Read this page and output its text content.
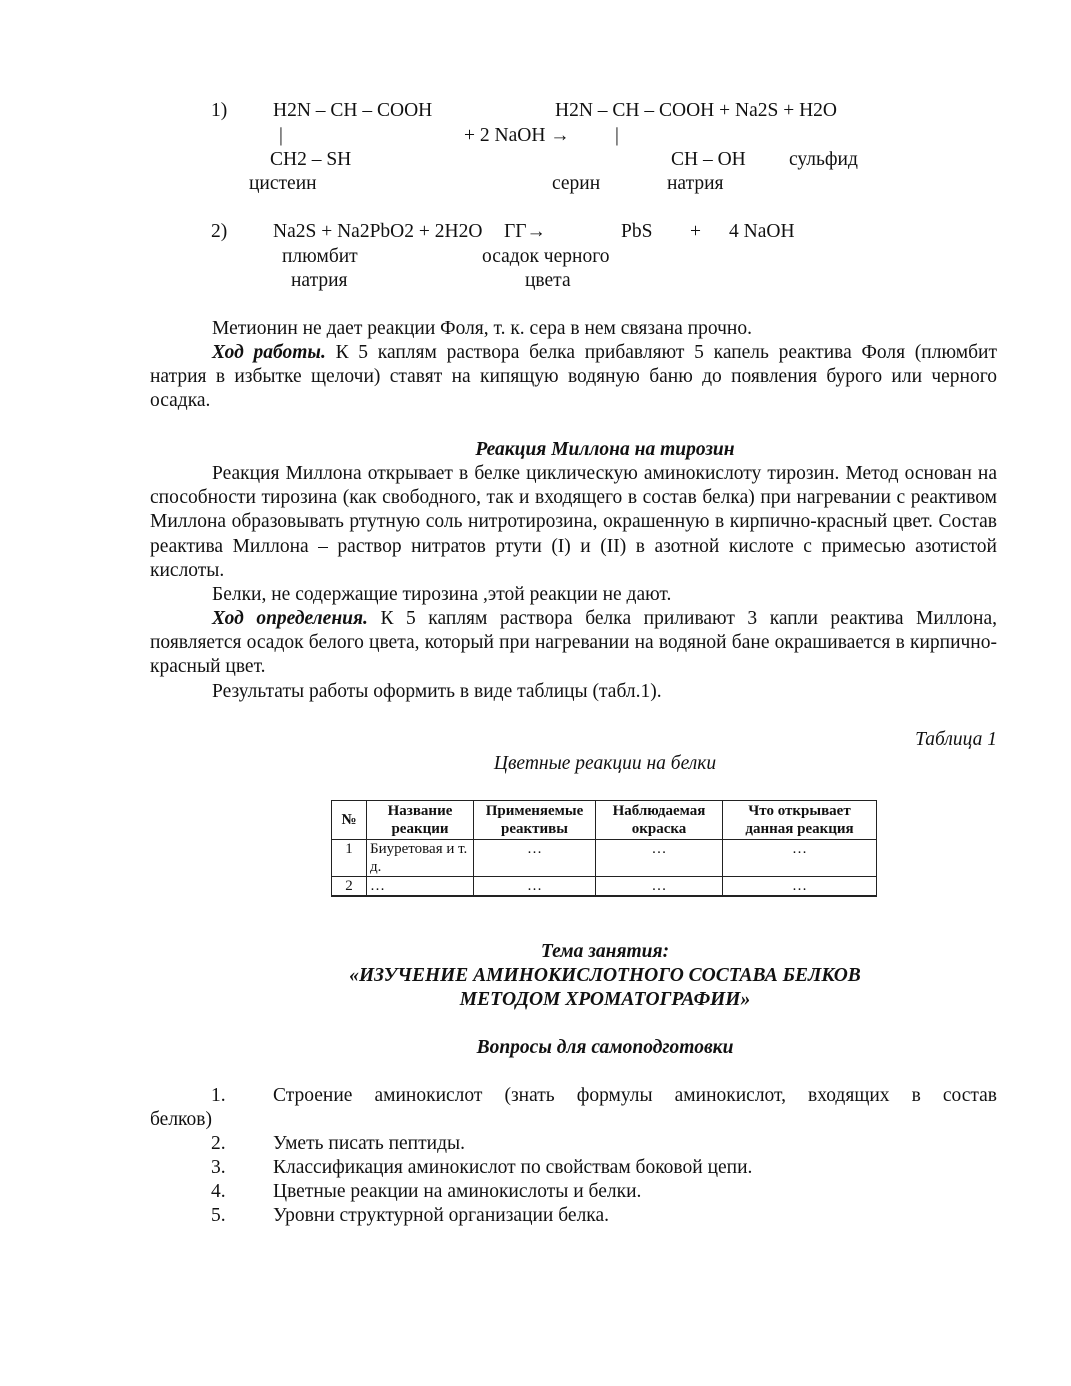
1) H2N – CH – COOH	H2N – CH – COOH + Na2S + H2O
|	+ 2 NaOH → |
CH2 – SH	CH – OH сульфид
цистеин	серин	натрия
2) Na2S + Na2PbO2 + 2H2O ГГ→	PbS + 4 NaOH
плюмбит	осадок черного
натрия	цвета
Метионин не дает реакции Фоля, т. к. сера в нем связана прочно.
Ход работы. К 5 каплям раствора белка прибавляют 5 капель реактива Фоля (плюмбит натрия в избытке щелочи) ставят на кипящую водяную баню до появления бурого или черного осадка.
Реакция Миллона на тирозин
Реакция Миллона открывает в белке циклическую аминокислоту тирозин. Метод основан на способности тирозина (как свободного, так и входящего в состав белка) при нагревании с реактивом Миллона образовывать ртутную соль нитротирозина, окрашенную в кирпично-красный цвет. Состав реактива Миллона – раствор нитратов ртути (I) и (II) в азотной кислоте с примесью азотистой кислоты.
Белки, не содержащие тирозина ,этой реакции не дают.
Ход определения. К 5 каплям раствора белка приливают 3 капли реактива Миллона, появляется осадок белого цвета, который при нагревании на водяной бане окрашивается в кирпично-красный цвет.
Результаты работы оформить в виде таблицы (табл.1).
Таблица 1
Цветные реакции на белки
№	Название реакции	Применяемые реактивы	Наблюдаемая окраска	Что открывает данная реакция
1	Биуретовая и т. д.	…	…	…
2	…	…	…	…
Тема занятия:
«ИЗУЧЕНИЕ АМИНОКИСЛОТНОГО СОСТАВА БЕЛКОВ
МЕТОДОМ ХРОМАТОГРАФИИ»
Вопросы для самоподготовки
1.	Строение аминокислот (знать формулы аминокислот, входящих в состав
белков)
2.	Уметь писать пептиды.
3.	Классификация аминокислот по свойствам боковой цепи.
4.	Цветные реакции на аминокислоты и белки.
5.	Уровни структурной организации белка.
